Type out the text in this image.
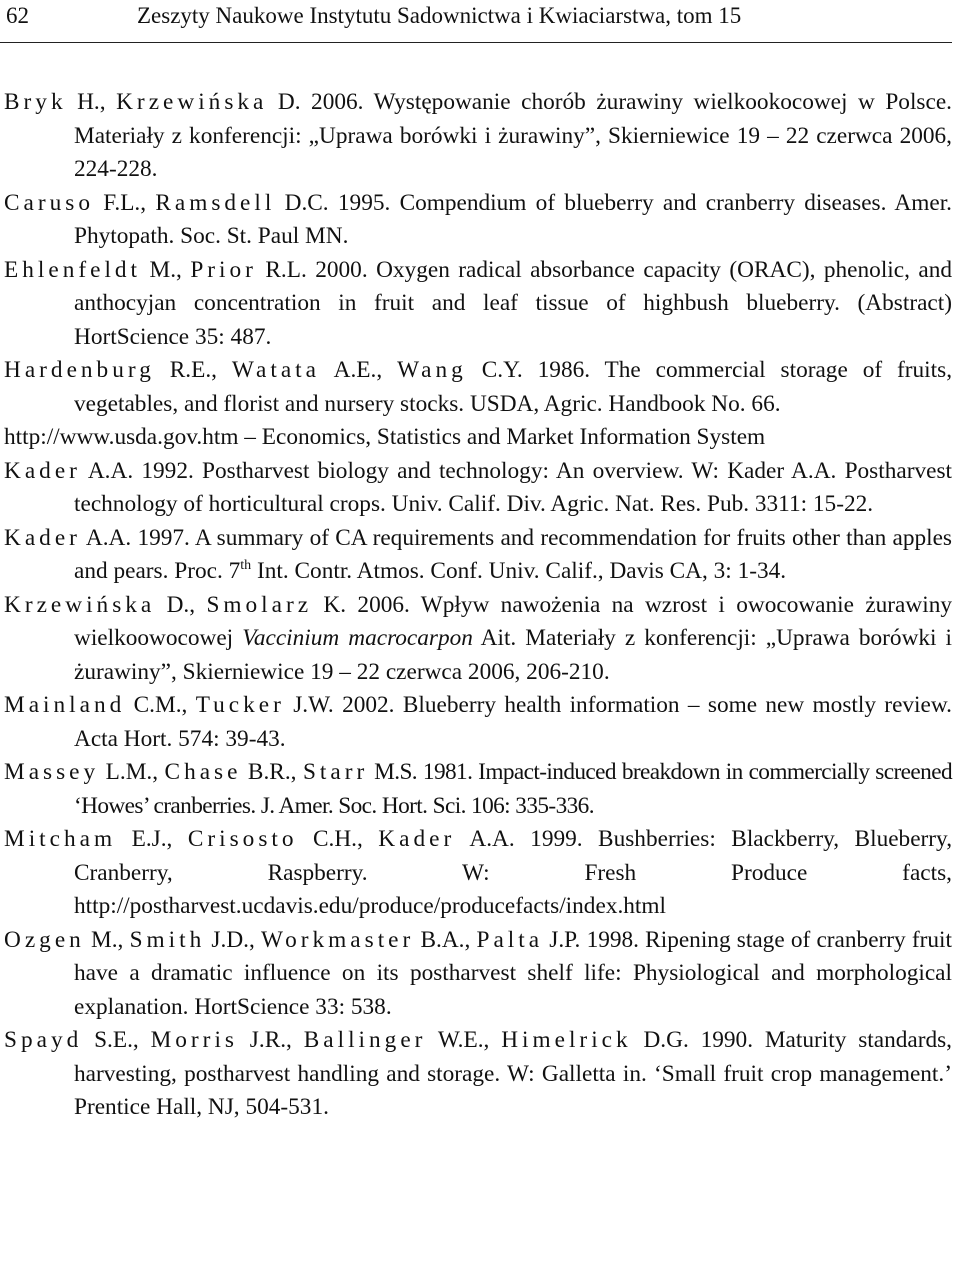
62	Zeszyty Naukowe Instytutu Sadownictwa i Kwiaciarstwa, tom 15

Bryk H., Krzewińska D. 2006. Występowanie chorób żurawiny wielkookocowej w Polsce. Materiały z konferencji: „Uprawa borówki i żurawiny”, Skierniewice 19 – 22 czerwca 2006, 224-228.

Caruso F.L., Ramsdell D.C. 1995. Compendium of blueberry and cranberry diseases. Amer. Phytopath. Soc. St. Paul MN.

Ehlenfeldt M., Prior R.L. 2000. Oxygen radical absorbance capacity (ORAC), phenolic, and anthocyjan concentration in fruit and leaf tissue of highbush blueberry. (Abstract) HortScience 35: 487.

Hardenburg R.E., Watata A.E., Wang C.Y. 1986. The commercial storage of fruits, vegetables, and florist and nursery stocks. USDA, Agric. Handbook No. 66.

http://www.usda.gov.htm – Economics, Statistics and Market Information System

Kader A.A. 1992. Postharvest biology and technology: An overview. W: Kader A.A. Postharvest technology of horticultural crops. Univ. Calif. Div. Agric. Nat. Res. Pub. 3311: 15-22.

Kader A.A. 1997. A summary of CA requirements and recommendation for fruits other than apples and pears. Proc. 7th Int. Contr. Atmos. Conf. Univ. Calif., Davis CA, 3: 1-34.

Krzewińska D., Smolarz K. 2006. Wpływ nawożenia na wzrost i owocowanie żurawiny wielkoowocowej Vaccinium macrocarpon Ait. Materiały z konferencji: „Uprawa borówki i żurawiny”, Skierniewice 19 – 22 czerwca 2006, 206-210.

Mainland C.M., Tucker J.W. 2002. Blueberry health information – some new mostly review. Acta Hort. 574: 39-43.

Massey L.M., Chase B.R., Starr M.S. 1981. Impact-induced breakdown in commercially screened ‘Howes’ cranberries. J. Amer. Soc. Hort. Sci. 106: 335-336.

Mitcham E.J., Crisosto C.H., Kader A.A. 1999. Bushberries: Blackberry, Blueberry, Cranberry, Raspberry. W: Fresh Produce facts, http://postharvest.ucdavis.edu/produce/producefacts/index.html

Ozgen M., Smith J.D., Workmaster B.A., Palta J.P. 1998. Ripening stage of cranberry fruit have a dramatic influence on its postharvest shelf life: Physiological and morphological explanation. HortScience 33: 538.

Spayd S.E., Morris J.R., Ballinger W.E., Himelrick D.G. 1990. Maturity standards, harvesting, postharvest handling and storage. W: Galletta in. ‘Small fruit crop management.’ Prentice Hall, NJ, 504-531.
